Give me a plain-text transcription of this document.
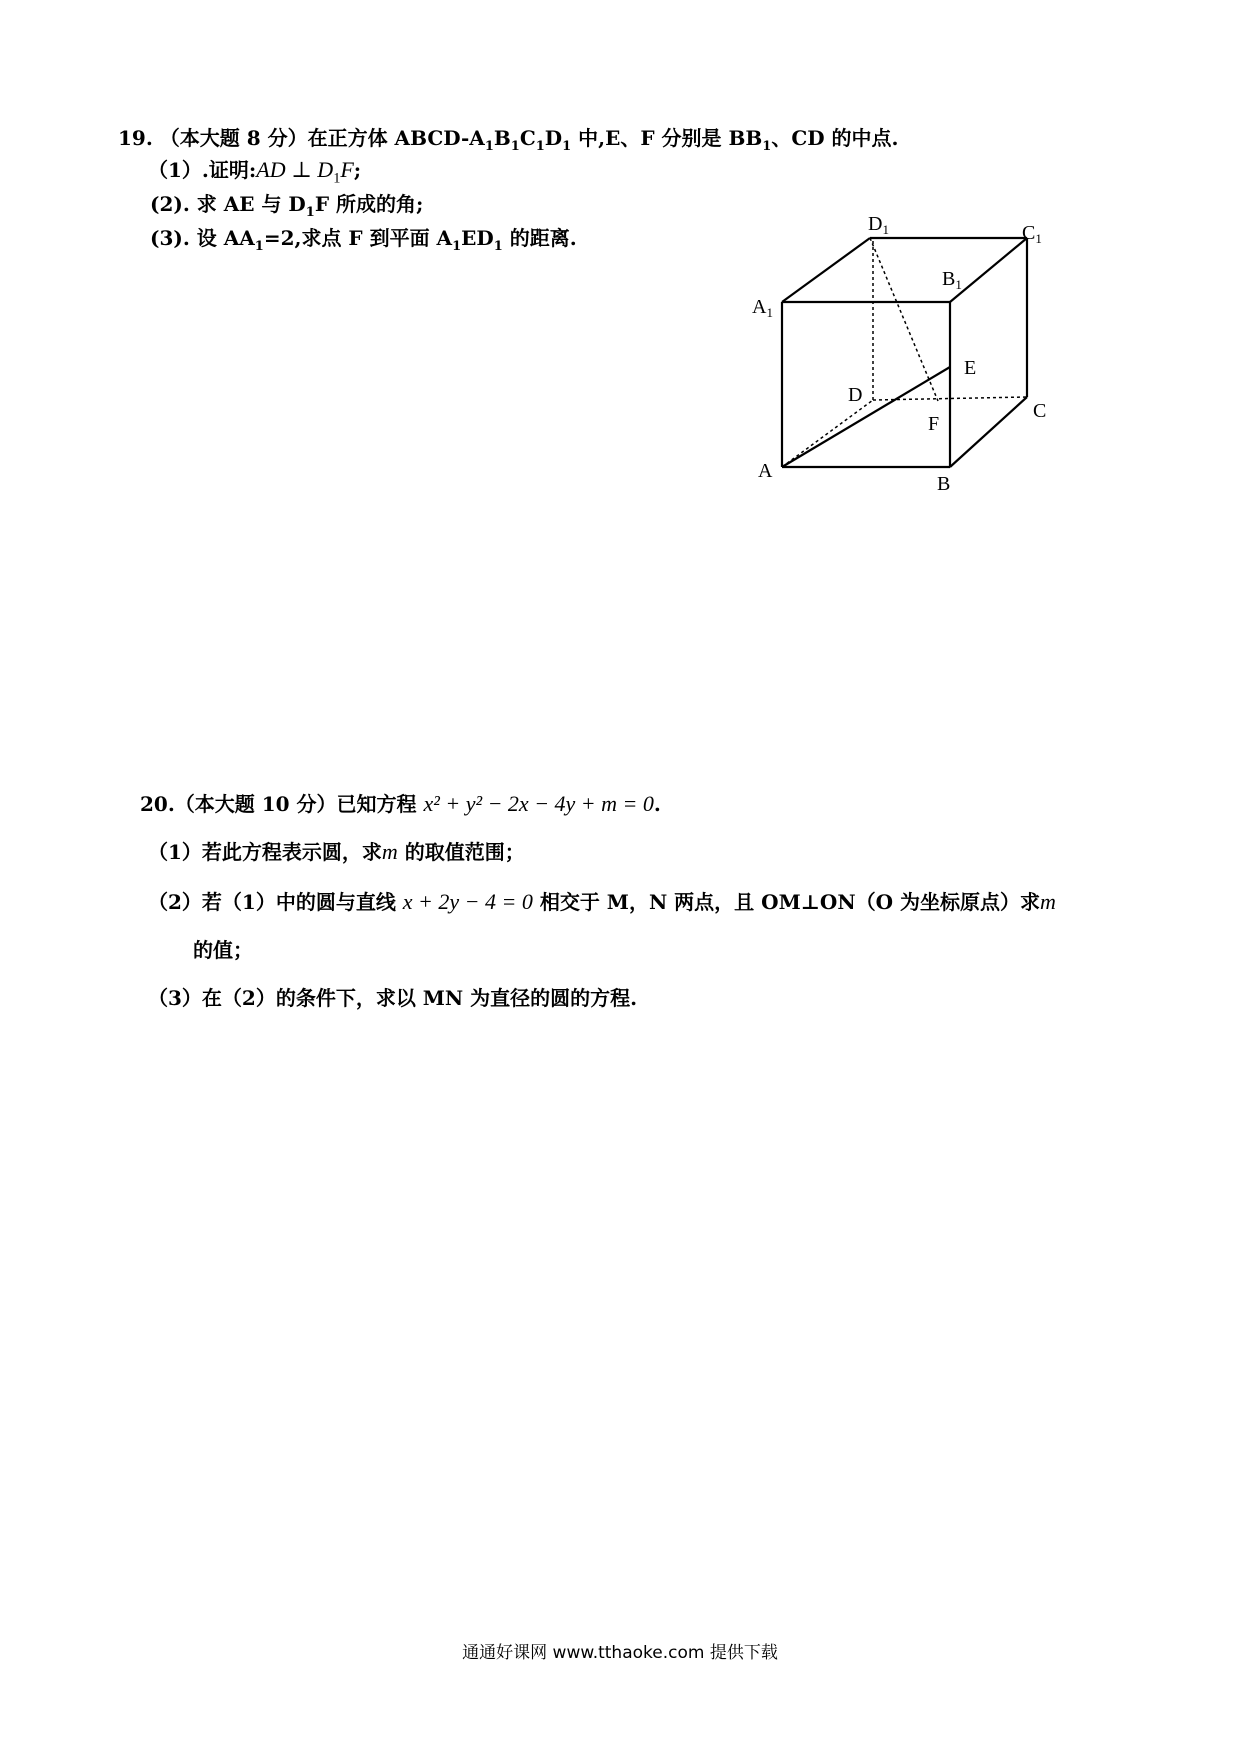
19. （本大题 8 分）在正方体 ABCD-$A_1B_1C_1D_1$ 中,E、F 分别是 $BB_1$、CD 的中点.
（1）.证明:AD ⊥ $D_1F$;
(2). 求 AE 与 $D_1F$ 所成的角;
(3). 设 $AA_1=2$,求点 F 到平面 $A_1ED_1$ 的距离.
$D_1$	$C_1$
$B_1$
$A_1$
E
D
C
F
A
B
20.（本大题 10 分）已知方程 x² + y² − 2x − 4y + m = 0.
（1）若此方程表示圆，求m 的取值范围；
（2）若（1）中的圆与直线 x + 2y − 4 = 0 相交于 M，N 两点，且 OM⊥ON（O 为坐标原点）求m
的值；
（3）在（2）的条件下，求以 MN 为直径的圆的方程.
通通好课网 www.tthaoke.com 提供下载
